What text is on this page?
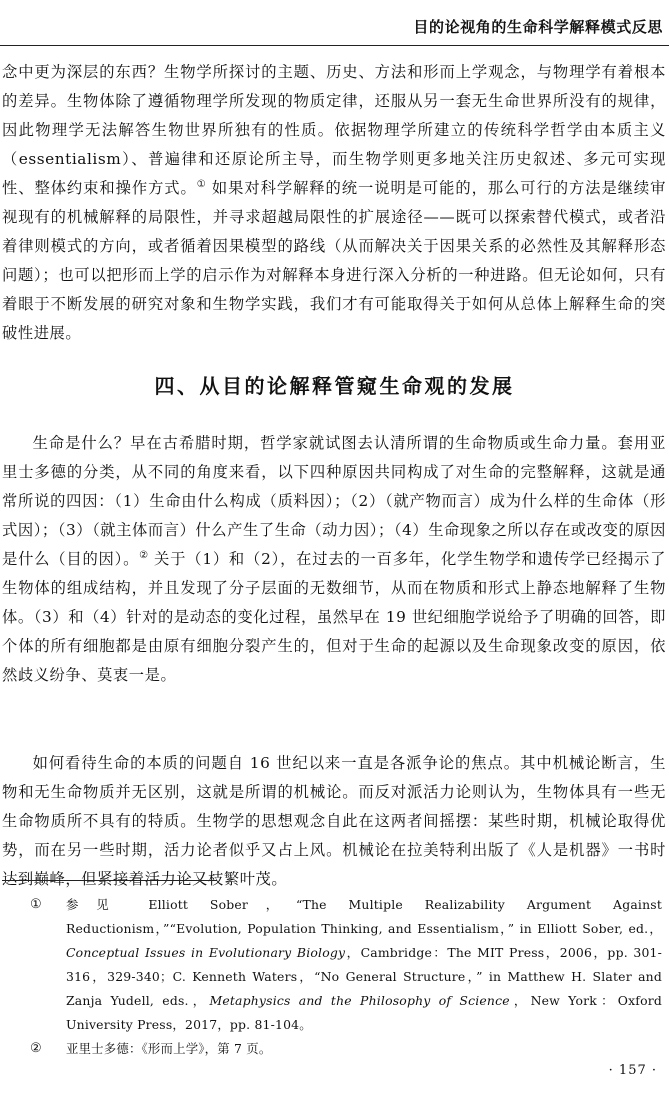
目的论视角的生命科学解释模式反思

念中更为深层的东西？生物学所探讨的主题、历史、方法和形而上学观念，与物理学有着根本的差异。生物体除了遵循物理学所发现的物质定律，还服从另一套无生命世界所没有的规律，因此物理学无法解答生物世界所独有的性质。依据物理学所建立的传统科学哲学由本质主义（essentialism）、普遍律和还原论所主导，而生物学则更多地关注历史叙述、多元可实现性、整体约束和操作方式。① 如果对科学解释的统一说明是可能的，那么可行的方法是继续审视现有的机械解释的局限性，并寻求超越局限性的扩展途径——既可以探索替代模式，或者沿着律则模式的方向，或者循着因果模型的路线（从而解决关于因果关系的必然性及其解释形态问题）；也可以把形而上学的启示作为对解释本身进行深入分析的一种进路。但无论如何，只有着眼于不断发展的研究对象和生物学实践，我们才有可能取得关于如何从总体上解释生命的突破性进展。

四、从目的论解释管窥生命观的发展

生命是什么？早在古希腊时期，哲学家就试图去认清所谓的生命物质或生命力量。套用亚里士多德的分类，从不同的角度来看，以下四种原因共同构成了对生命的完整解释，这就是通常所说的四因：（1）生命由什么构成（质料因）；（2）（就产物而言）成为什么样的生命体（形式因）；（3）（就主体而言）什么产生了生命（动力因）；（4）生命现象之所以存在或改变的原因是什么（目的因）。② 关于（1）和（2），在过去的一百多年，化学生物学和遗传学已经揭示了生物体的组成结构，并且发现了分子层面的无数细节，从而在物质和形式上静态地解释了生物体。（3）和（4）针对的是动态的变化过程，虽然早在 19 世纪细胞学说给予了明确的回答，即个体的所有细胞都是由原有细胞分裂产生的，但对于生命的起源以及生命现象改变的原因，依然歧义纷争、莫衷一是。

如何看待生命的本质的问题自 16 世纪以来一直是各派争论的焦点。其中机械论断言，生物和无生命物质并无区别，这就是所谓的机械论。而反对派活力论则认为，生物体具有一些无生命物质所不具有的特质。生物学的思想观念自此在这两者间摇摆：某些时期，机械论取得优势，而在另一些时期，活力论者似乎又占上风。机械论在拉美特利出版了《人是机器》一书时达到巅峰，但紧接着活力论又枝繁叶茂。

①	参见 Elliott Sober，“The Multiple Realizability Argument Against Reductionism，”“Evolution, Population Thinking, and Essentialism，” in Elliott Sober, ed.，Conceptual Issues in Evolutionary Biology，Cambridge：The MIT Press，2006，pp. 301-316，329-340；C. Kenneth Waters，“No General Structure，” in Matthew H. Slater and Zanja Yudell, eds.，Metaphysics and the Philosophy of Science，New York：Oxford University Press，2017，pp. 81-104。
②	亚里士多德：《形而上学》，第 7 页。
· 157 ·
